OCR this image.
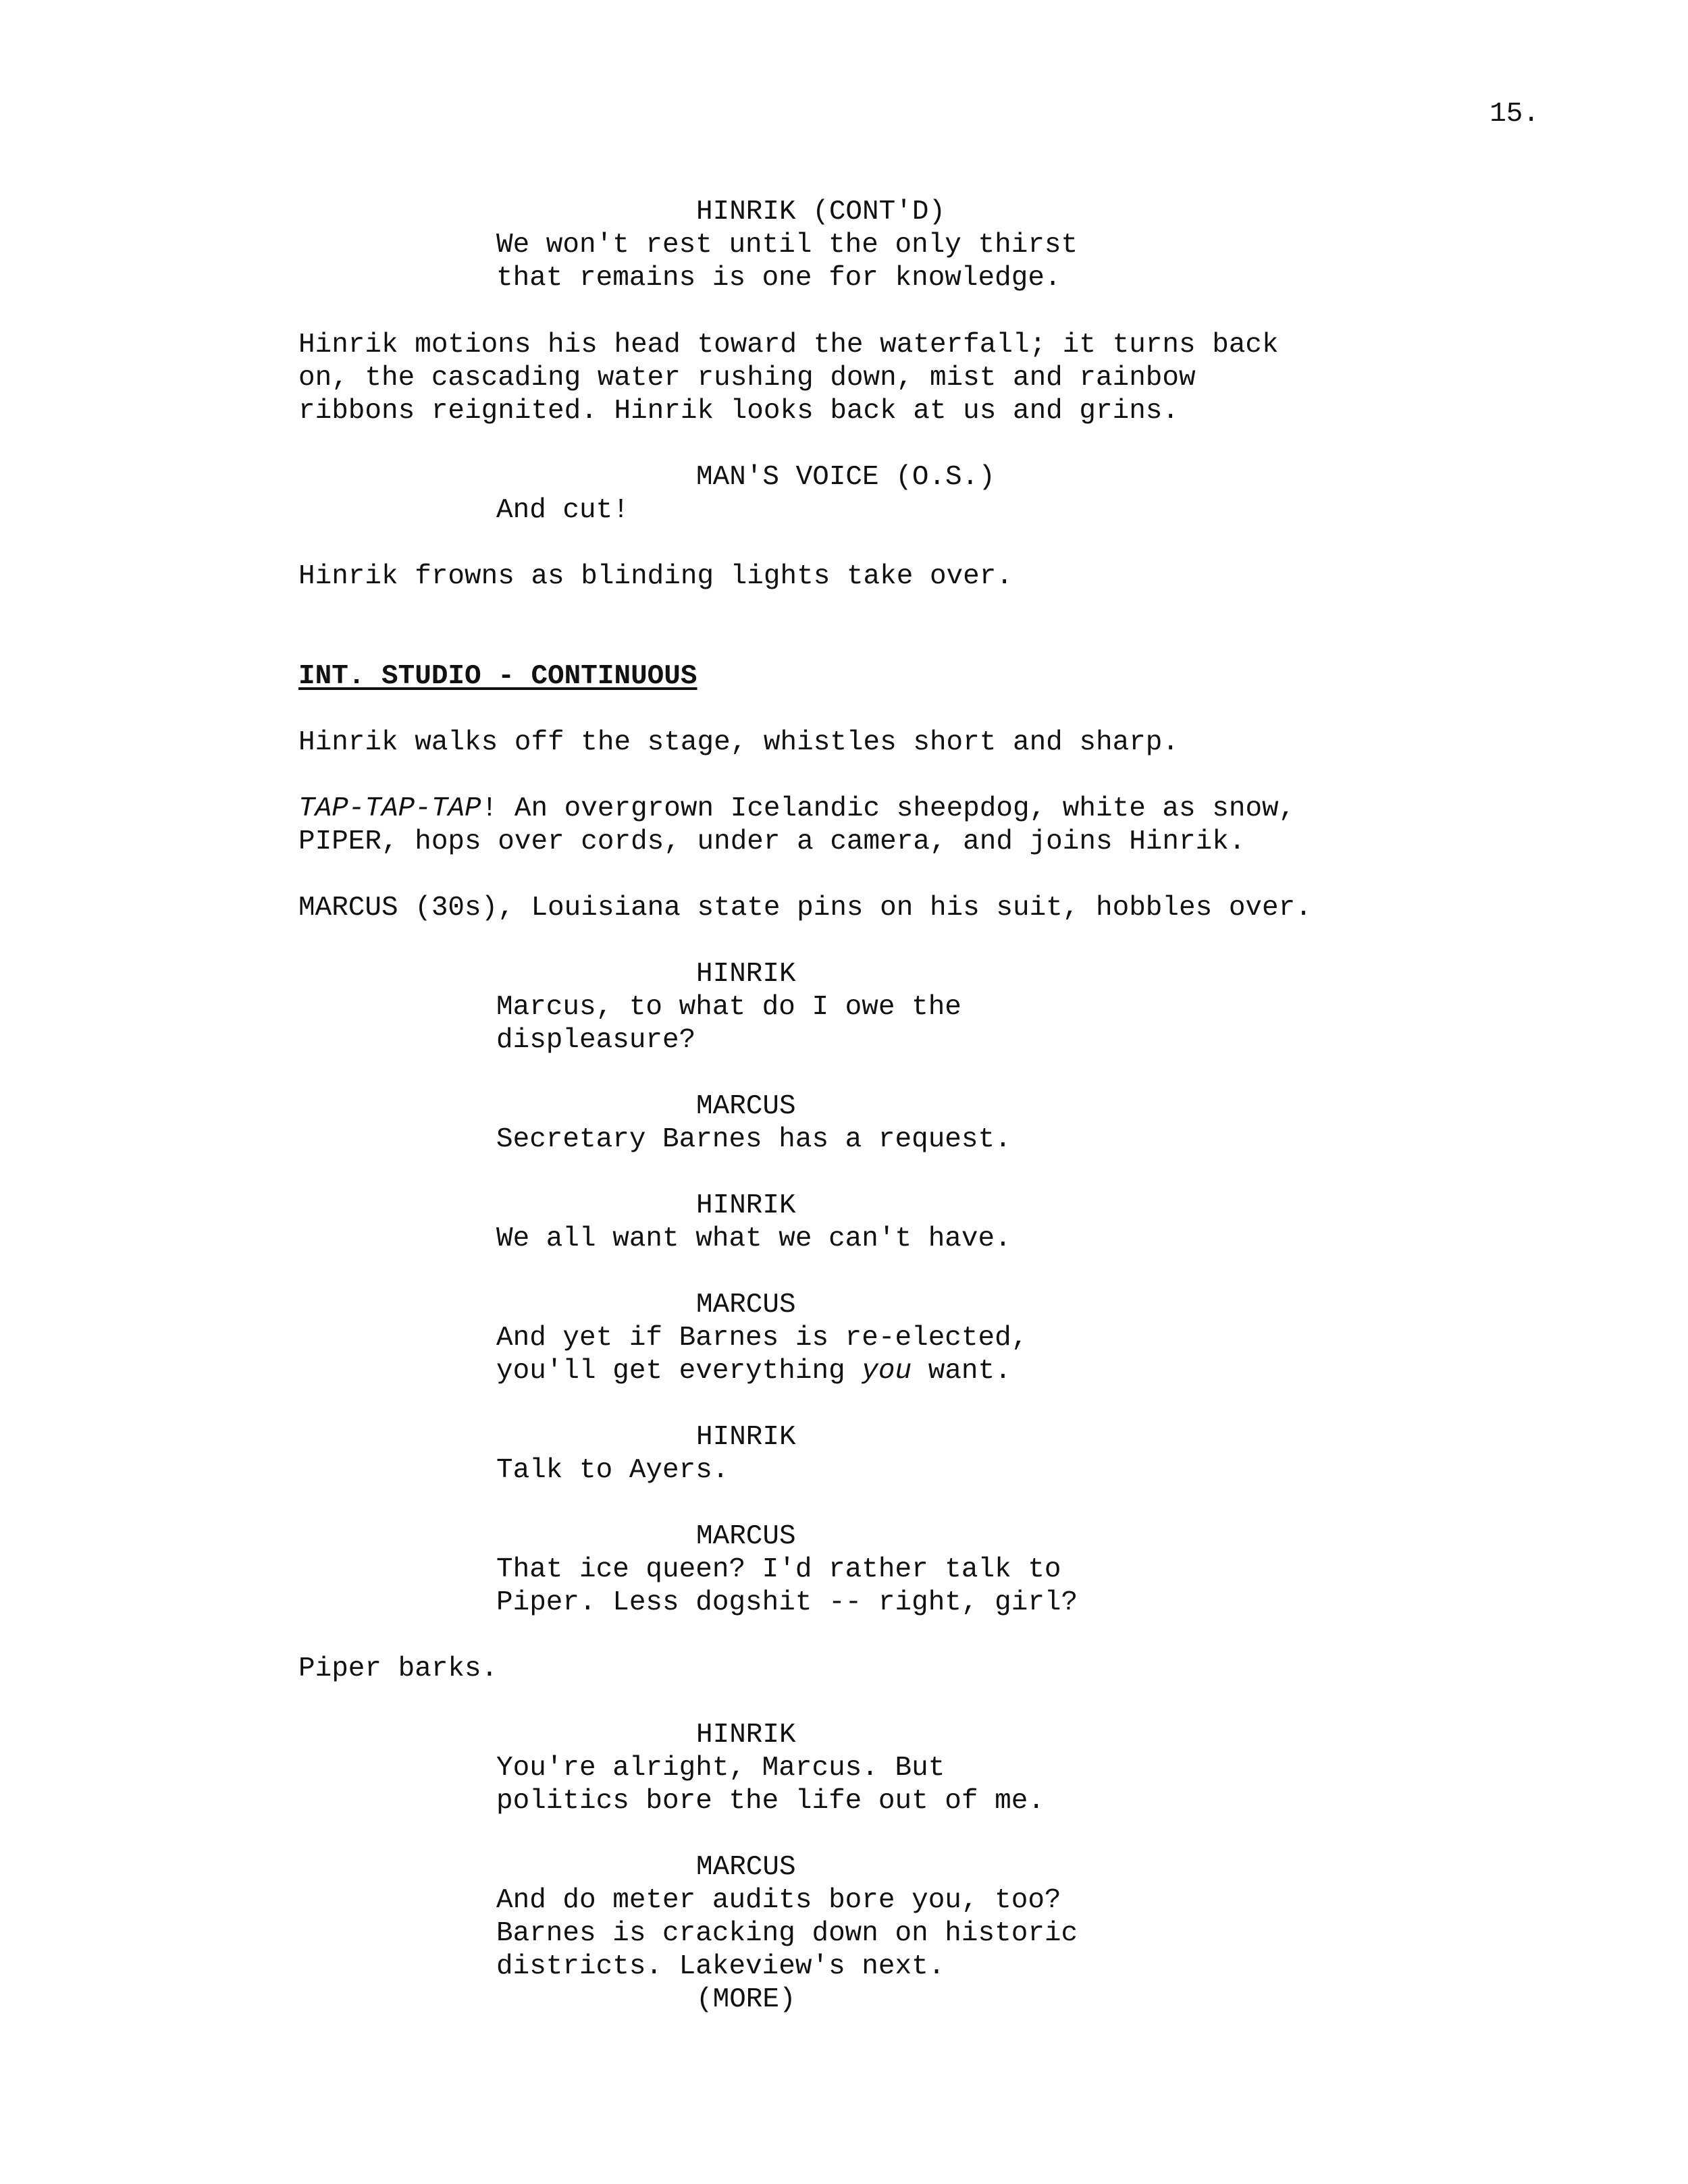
15.
HINRIK (CONT'D)
We won't rest until the only thirst
that remains is one for knowledge.
Hinrik motions his head toward the waterfall; it turns back
on, the cascading water rushing down, mist and rainbow
ribbons reignited. Hinrik looks back at us and grins.
MAN'S VOICE (O.S.)
And cut!
Hinrik frowns as blinding lights take over.
INT. STUDIO - CONTINUOUS
Hinrik walks off the stage, whistles short and sharp.
TAP-TAP-TAP! An overgrown Icelandic sheepdog, white as snow,
PIPER, hops over cords, under a camera, and joins Hinrik.
MARCUS (30s), Louisiana state pins on his suit, hobbles over.
HINRIK
Marcus, to what do I owe the
displeasure?
MARCUS
Secretary Barnes has a request.
HINRIK
We all want what we can't have.
MARCUS
And yet if Barnes is re-elected,
you'll get everything you want.
HINRIK
Talk to Ayers.
MARCUS
That ice queen? I'd rather talk to
Piper. Less dogshit -- right, girl?
Piper barks.
HINRIK
You're alright, Marcus. But
politics bore the life out of me.
MARCUS
And do meter audits bore you, too?
Barnes is cracking down on historic
districts. Lakeview's next.
(MORE)
